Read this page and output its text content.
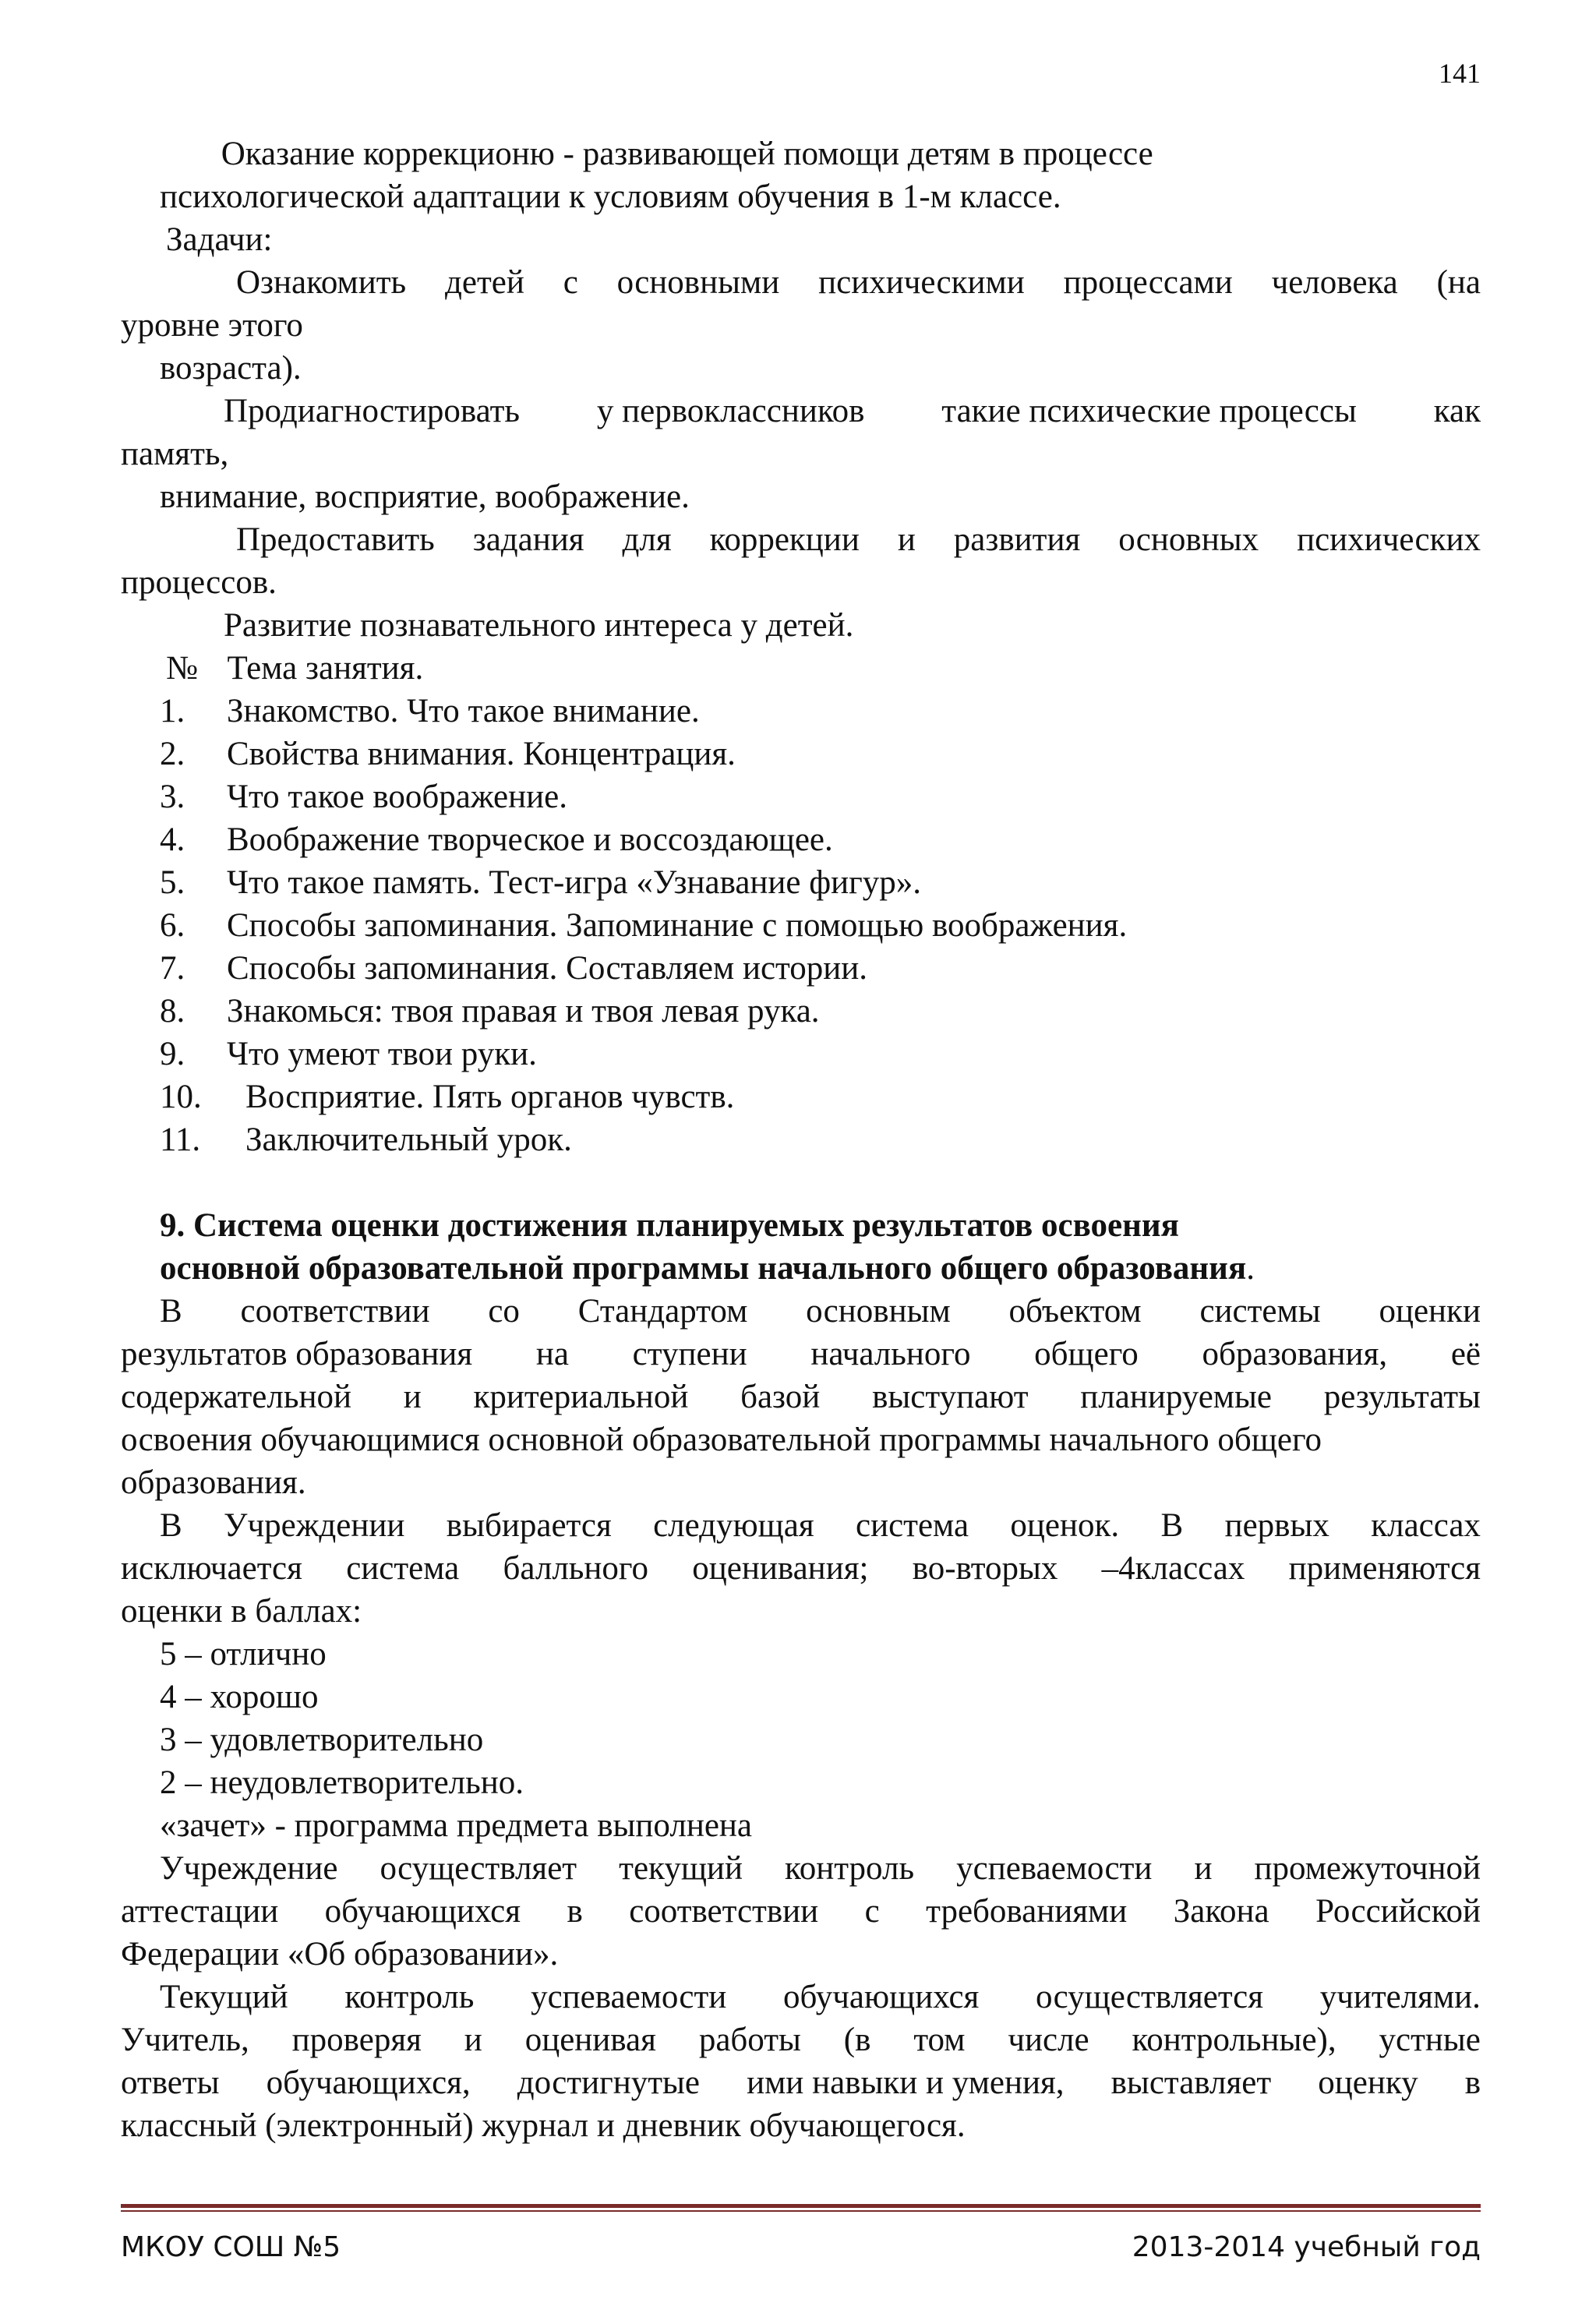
141
Оказание коррекционю - развивающей помощи детям в процессе
психологической адаптации к условиям обучения в 1-м классе.
Задачи:
Ознакомить детей с основными психическими процессами человека (на
уровне этого
возраста).
Продиагностировать у первоклассников такие психические процессы как
память,
внимание, восприятие, воображение.
Предоставить задания для коррекции и развития основных психических
процессов.
Развитие познавательного интереса у детей.
№ Тема занятия.
1.	Знакомство. Что такое внимание.
2.	Свойства внимания. Концентрация.
3.	Что такое воображение.
4.	Воображение творческое и воссоздающее.
5.	Что такое память. Тест-игра «Узнавание фигур».
6.	Способы запоминания. Запоминание с помощью воображения.
7.	Способы запоминания. Составляем истории.
8.	Знакомься: твоя правая и твоя левая рука.
9.	Что умеют твои руки.
10.	Восприятие. Пять органов чувств.
11.	Заключительный урок.
9. Система оценки достижения планируемых результатов освоения
основной образовательной программы начального общего образования.
В соответствии со Стандартом основным объектом системы оценки
результатов образования на ступени начального общего образования, её
содержательной и критериальной базой выступают планируемые результаты
освоения обучающимися основной образовательной программы начального общего
образования.
В Учреждении выбирается следующая система оценок. В первых классах
исключается система балльного оценивания; во-вторых –4классах применяются
оценки в баллах:
5 – отлично
4 – хорошо
3 – удовлетворительно
2 – неудовлетворительно.
«зачет» - программа предмета выполнена
Учреждение осуществляет текущий контроль успеваемости и промежуточной
аттестации обучающихся в соответствии с требованиями Закона Российской
Федерации «Об образовании».
Текущий контроль успеваемости обучающихся осуществляется учителями.
Учитель, проверяя и оценивая работы (в том числе контрольные), устные
ответы обучающихся, достигнутые ими навыки и умения, выставляет оценку в
классный (электронный) журнал и дневник обучающегося.
МКОУ СОШ №5	2013-2014 учебный год
